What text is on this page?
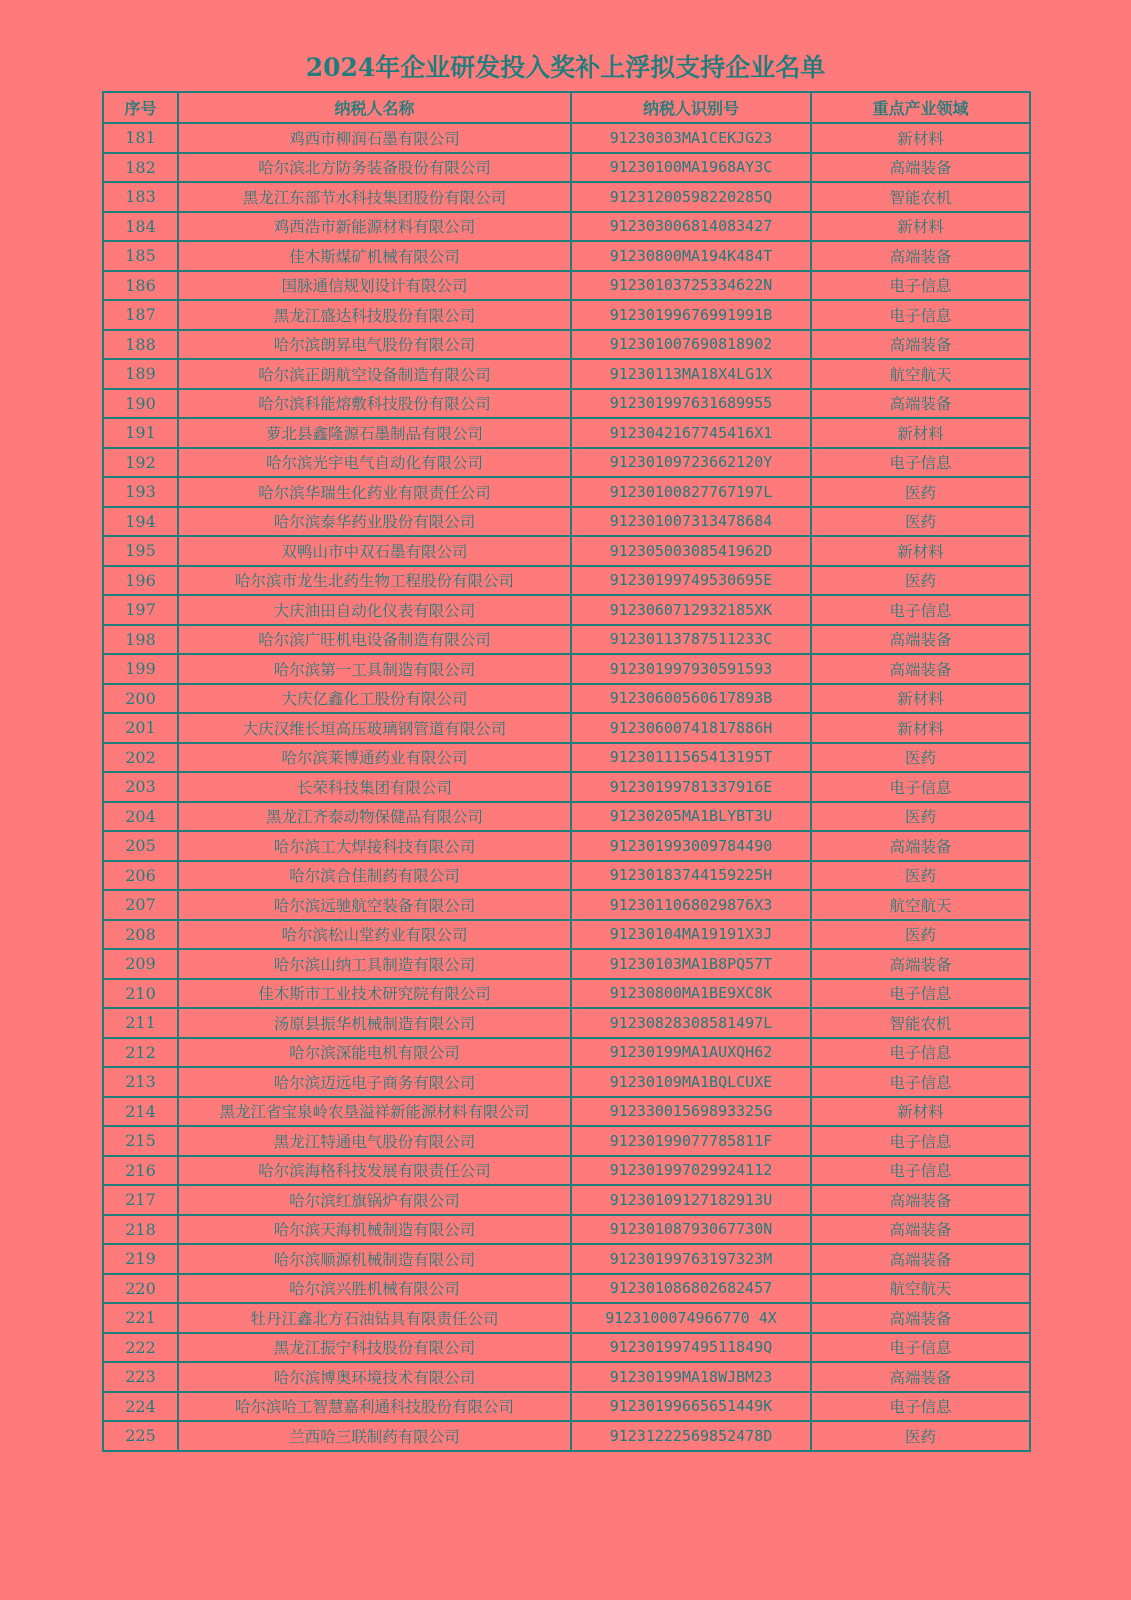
2024年企业研发投入奖补上浮拟支持企业名单
序号	纳税人名称	纳税人识别号	重点产业领域
181	鸡西市柳润石墨有限公司	91230303MA1CEKJG23	新材料
182	哈尔滨北方防务装备股份有限公司	91230100MA1968AY3C	高端装备
183	黑龙江东部节水科技集团股份有限公司	91231200598220285Q	智能农机
184	鸡西浩市新能源材料有限公司	912303006814083427	新材料
185	佳木斯煤矿机械有限公司	91230800MA194K484T	高端装备
186	国脉通信规划设计有限公司	91230103725334622N	电子信息
187	黑龙江盛达科技股份有限公司	91230199676991991B	电子信息
188	哈尔滨朗昇电气股份有限公司	912301007690818902	高端装备
189	哈尔滨正朗航空设备制造有限公司	91230113MA18X4LG1X	航空航天
190	哈尔滨科能熔敷科技股份有限公司	912301997631689955	高端装备
191	萝北县鑫隆源石墨制品有限公司	9123042167745416X1	新材料
192	哈尔滨光宇电气自动化有限公司	91230109723662120Y	电子信息
193	哈尔滨华瑞生化药业有限责任公司	91230100827767197L	医药
194	哈尔滨泰华药业股份有限公司	912301007313478684	医药
195	双鸭山市中双石墨有限公司	91230500308541962D	新材料
196	哈尔滨市龙生北药生物工程股份有限公司	91230199749530695E	医药
197	大庆油田自动化仪表有限公司	9123060712932185XK	电子信息
198	哈尔滨广旺机电设备制造有限公司	91230113787511233C	高端装备
199	哈尔滨第一工具制造有限公司	912301997930591593	高端装备
200	大庆亿鑫化工股份有限公司	91230600560617893B	新材料
201	大庆汉维长垣高压玻璃钢管道有限公司	91230600741817886H	新材料
202	哈尔滨莱博通药业有限公司	91230111565413195T	医药
203	长荣科技集团有限公司	91230199781337916E	电子信息
204	黑龙江齐泰动物保健品有限公司	91230205MA1BLYBT3U	医药
205	哈尔滨工大焊接科技有限公司	912301993009784490	高端装备
206	哈尔滨合佳制药有限公司	91230183744159225H	医药
207	哈尔滨远驰航空装备有限公司	9123011068029876X3	航空航天
208	哈尔滨松山堂药业有限公司	91230104MA19191X3J	医药
209	哈尔滨山纳工具制造有限公司	91230103MA1B8PQ57T	高端装备
210	佳木斯市工业技术研究院有限公司	91230800MA1BE9XC8K	电子信息
211	汤原县振华机械制造有限公司	91230828308581497L	智能农机
212	哈尔滨深能电机有限公司	91230199MA1AUXQH62	电子信息
213	哈尔滨迈远电子商务有限公司	91230109MA1BQLCUXE	电子信息
214	黑龙江省宝泉岭农垦溢祥新能源材料有限公司	91233001569893325G	新材料
215	黑龙江特通电气股份有限公司	91230199077785811F	电子信息
216	哈尔滨海格科技发展有限责任公司	912301997029924112	电子信息
217	哈尔滨红旗锅炉有限公司	91230109127182913U	高端装备
218	哈尔滨天海机械制造有限公司	91230108793067730N	高端装备
219	哈尔滨顺源机械制造有限公司	91230199763197323M	高端装备
220	哈尔滨兴胜机械有限公司	912301086802682457	航空航天
221	牡丹江鑫北方石油钻具有限责任公司	9123100074966770 4X	高端装备
222	黑龙江振宁科技股份有限公司	91230199749511849Q	电子信息
223	哈尔滨博奥环境技术有限公司	91230199MA18WJBM23	高端装备
224	哈尔滨哈工智慧嘉利通科技股份有限公司	91230199665651449K	电子信息
225	兰西哈三联制药有限公司	91231222569852478D	医药
